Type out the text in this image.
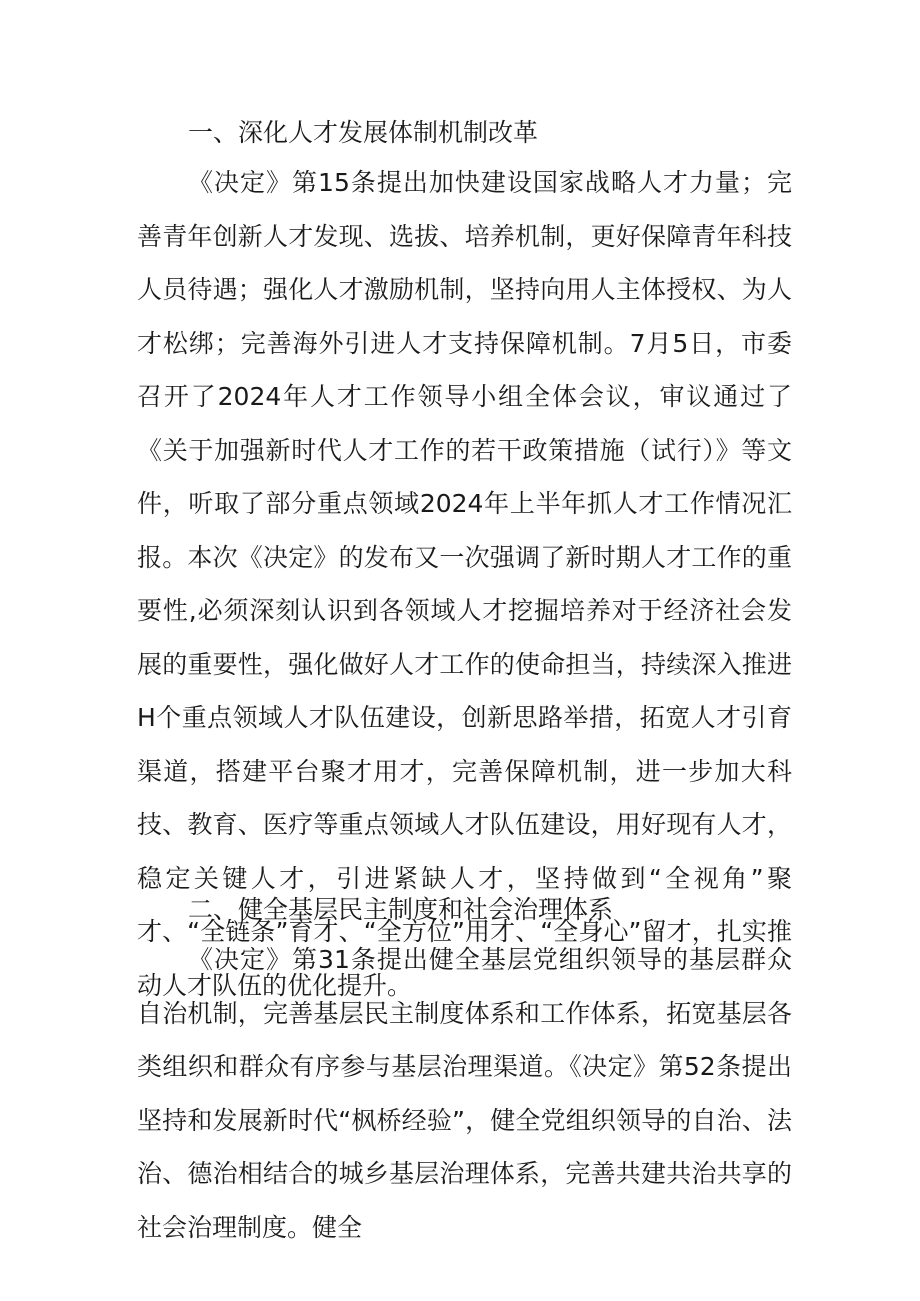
一、深化人才发展体制机制改革

《决定》第15条提出加快建设国家战略人才力量；完善青年创新人才发现、选拔、培养机制，更好保障青年科技人员待遇；强化人才激励机制，坚持向用人主体授权、为人才松绑；完善海外引进人才支持保障机制。7月5日，市委召开了2024年人才工作领导小组全体会议，审议通过了《关于加强新时代人才工作的若干政策措施（试行）》等文件，听取了部分重点领域2024年上半年抓人才工作情况汇报。本次《决定》的发布又一次强调了新时期人才工作的重要性,必须深刻认识到各领域人才挖掘培养对于经济社会发展的重要性，强化做好人才工作的使命担当，持续深入推进H个重点领域人才队伍建设，创新思路举措，拓宽人才引育渠道，搭建平台聚才用才，完善保障机制，进一步加大科技、教育、医疗等重点领域人才队伍建设，用好现有人才，稳定关键人才，引进紧缺人才，坚持做到“全视角”聚才、“全链条”育才、“全方位”用才、“全身心”留才，扎实推动人才队伍的优化提升。

二、健全基层民主制度和社会治理体系

《决定》第31条提出健全基层党组织领导的基层群众自治机制，完善基层民主制度体系和工作体系，拓宽基层各类组织和群众有序参与基层治理渠道。《决定》第52条提出坚持和发展新时代“枫桥经验”，健全党组织领导的自治、法治、德治相结合的城乡基层治理体系，完善共建共治共享的社会治理制度。健全
